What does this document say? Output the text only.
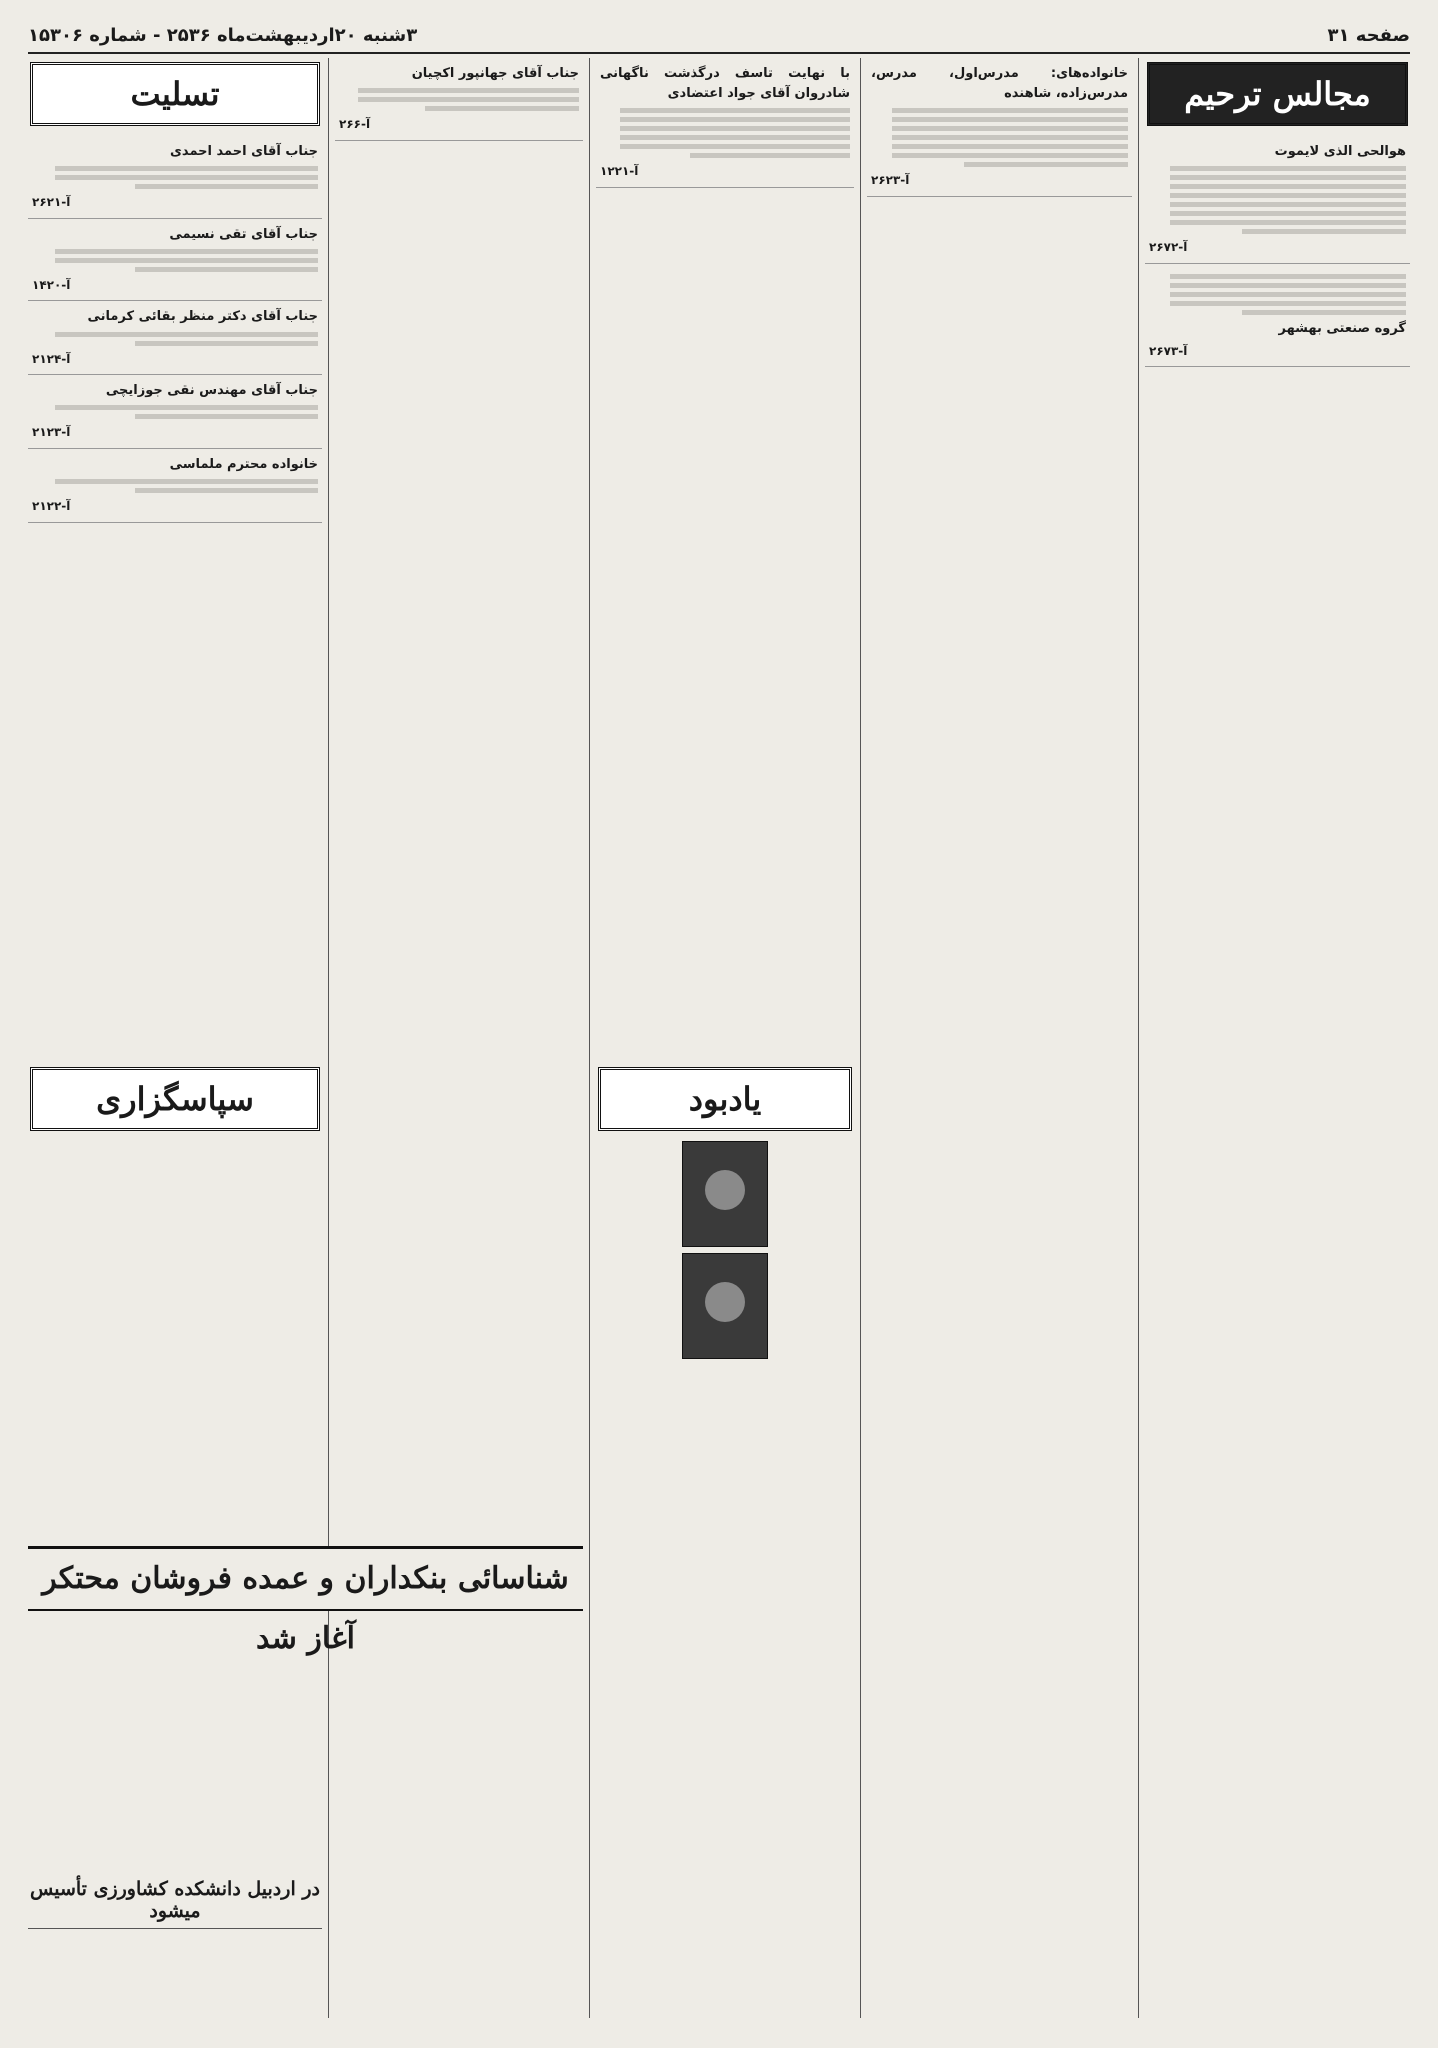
صفحه ۳۱
۳شنبه ۲۰اردیبهشت‌ماه ۲۵۳۶ - شماره ۱۵۳۰۶
مجالس ترحیم
هوالحی الذی لایموت
۲۶۷۲-آ
گروه صنعتی بهشهر
۲۶۷۳-آ
خانواده‌های: مدرس‌اول، مدرس، مدرس‌زاده، شاهنده
۲۶۲۳-آ
با نهایت تاسف درگذشت ناگهانی شادروان آقای جواد اعتضادی
۱۲۲۱-آ
یادبود
جناب آقای جهانپور اکچیان
۲۶۶-آ
تسلیت
جناب آقای احمد احمدی
۲۶۲۱-آ
جناب آقای تقی نسیمی
۱۴۲۰-آ
جناب آقای دکتر منظر بقائی کرمانی
۲۱۲۴-آ
جناب آقای مهندس نقی جوزایچی
۲۱۲۳-آ
خانواده محترم ملماسی
۲۱۲۲-آ
سپاسگزاری
شناسائی بنکداران و عمده فروشان محتکر آغاز شد
در اردبیل دانشکده کشاورزی تأسیس میشود
